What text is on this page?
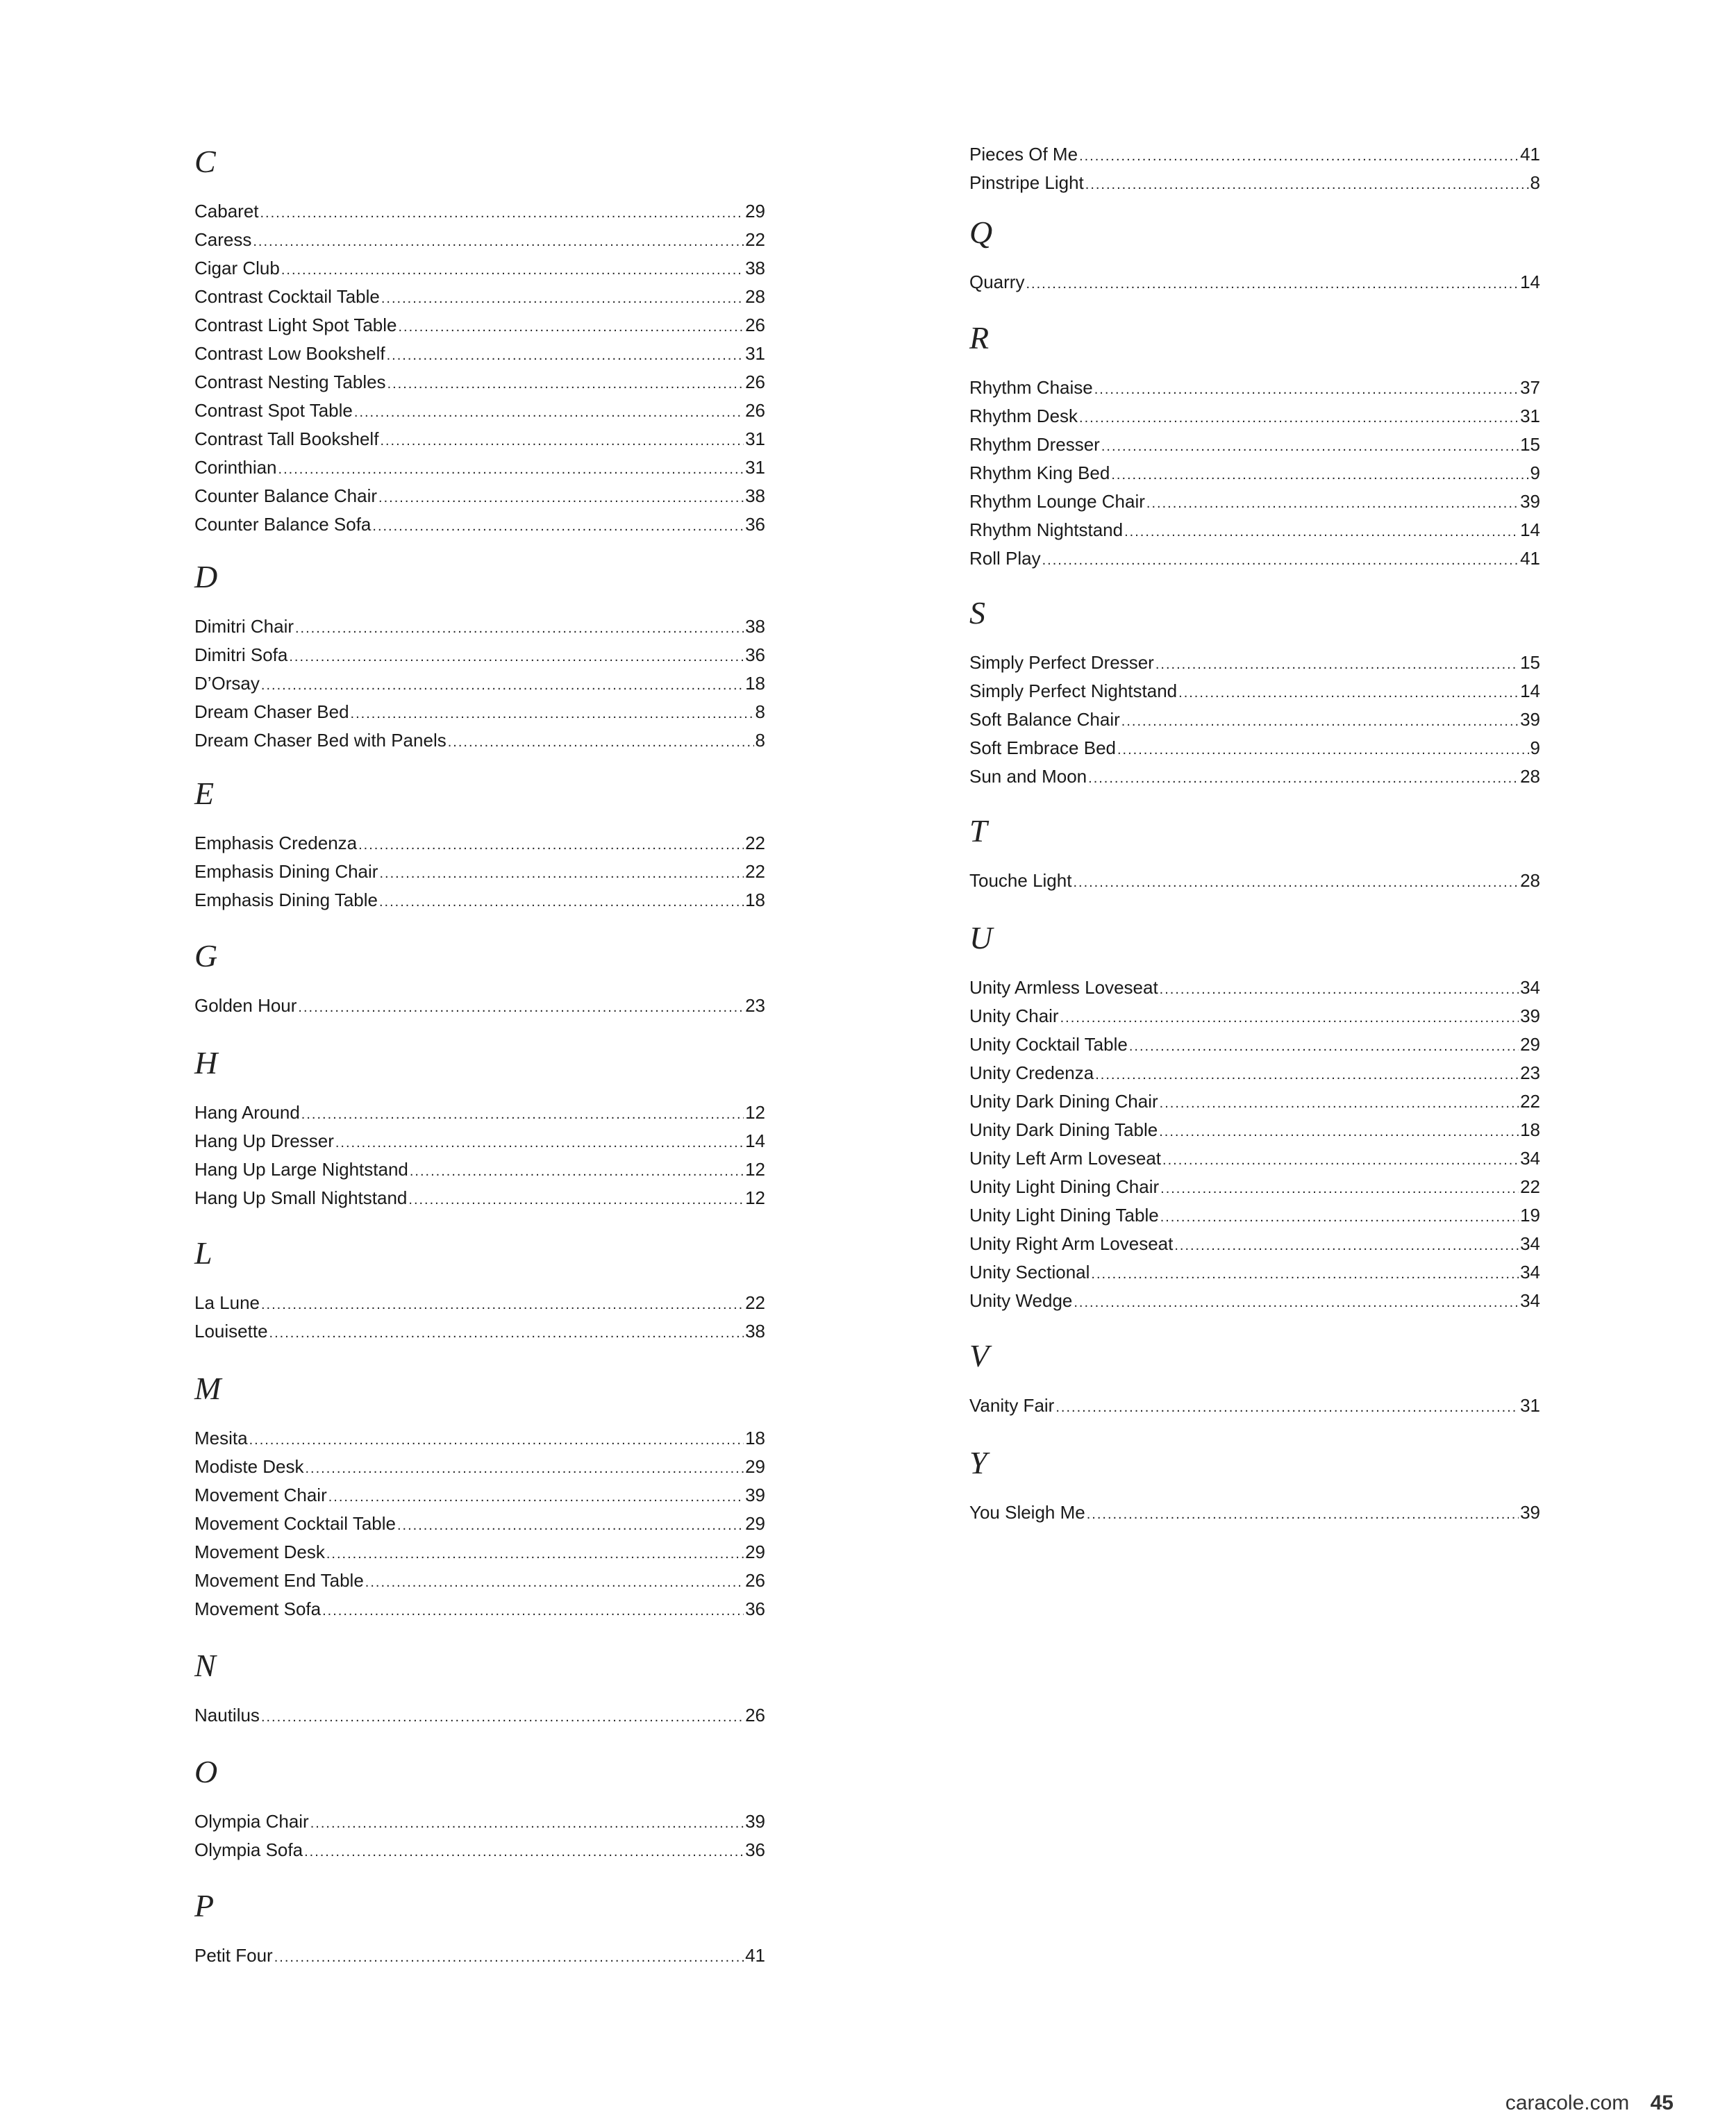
C
Cabaret .....	29
Caress .....	22
Cigar Club .....	38
Contrast Cocktail Table .....	28
Contrast Light Spot Table .....	26
Contrast Low Bookshelf .....	31
Contrast Nesting Tables .....	26
Contrast Spot Table .....	26
Contrast Tall Bookshelf .....	31
Corinthian .....	31
Counter Balance Chair .....	38
Counter Balance Sofa .....	36
D
Dimitri Chair .....	38
Dimitri Sofa .....	36
D’Orsay .....	18
Dream Chaser Bed .....	8
Dream Chaser Bed with Panels .....	8
E
Emphasis Credenza .....	22
Emphasis Dining Chair .....	22
Emphasis Dining Table .....	18
G
Golden Hour .....	23
H
Hang Around .....	12
Hang Up Dresser .....	14
Hang Up Large Nightstand .....	12
Hang Up Small Nightstand .....	12
L
La Lune .....	22
Louisette .....	38
M
Mesita .....	18
Modiste Desk .....	29
Movement Chair .....	39
Movement Cocktail Table .....	29
Movement Desk .....	29
Movement End Table .....	26
Movement Sofa .....	36
N
Nautilus .....	26
O
Olympia Chair .....	39
Olympia Sofa .....	36
P
Petit Four .....	41
Pieces Of Me .....	41
Pinstripe Light .....	8
Q
Quarry .....	14
R
Rhythm Chaise .....	37
Rhythm Desk .....	31
Rhythm Dresser .....	15
Rhythm King Bed .....	9
Rhythm Lounge Chair .....	39
Rhythm Nightstand .....	14
Roll Play .....	41
S
Simply Perfect Dresser .....	15
Simply Perfect Nightstand .....	14
Soft Balance Chair .....	39
Soft Embrace Bed .....	9
Sun and Moon .....	28
T
Touche Light .....	28
U
Unity Armless Loveseat .....	34
Unity Chair .....	39
Unity Cocktail Table .....	29
Unity Credenza .....	23
Unity Dark Dining Chair .....	22
Unity Dark Dining Table .....	18
Unity Left Arm Loveseat .....	34
Unity Light Dining Chair .....	22
Unity Light Dining Table .....	19
Unity Right Arm Loveseat .....	34
Unity Sectional .....	34
Unity Wedge .....	34
V
Vanity Fair .....	31
Y
You Sleigh Me .....	39
caracole.com 45
